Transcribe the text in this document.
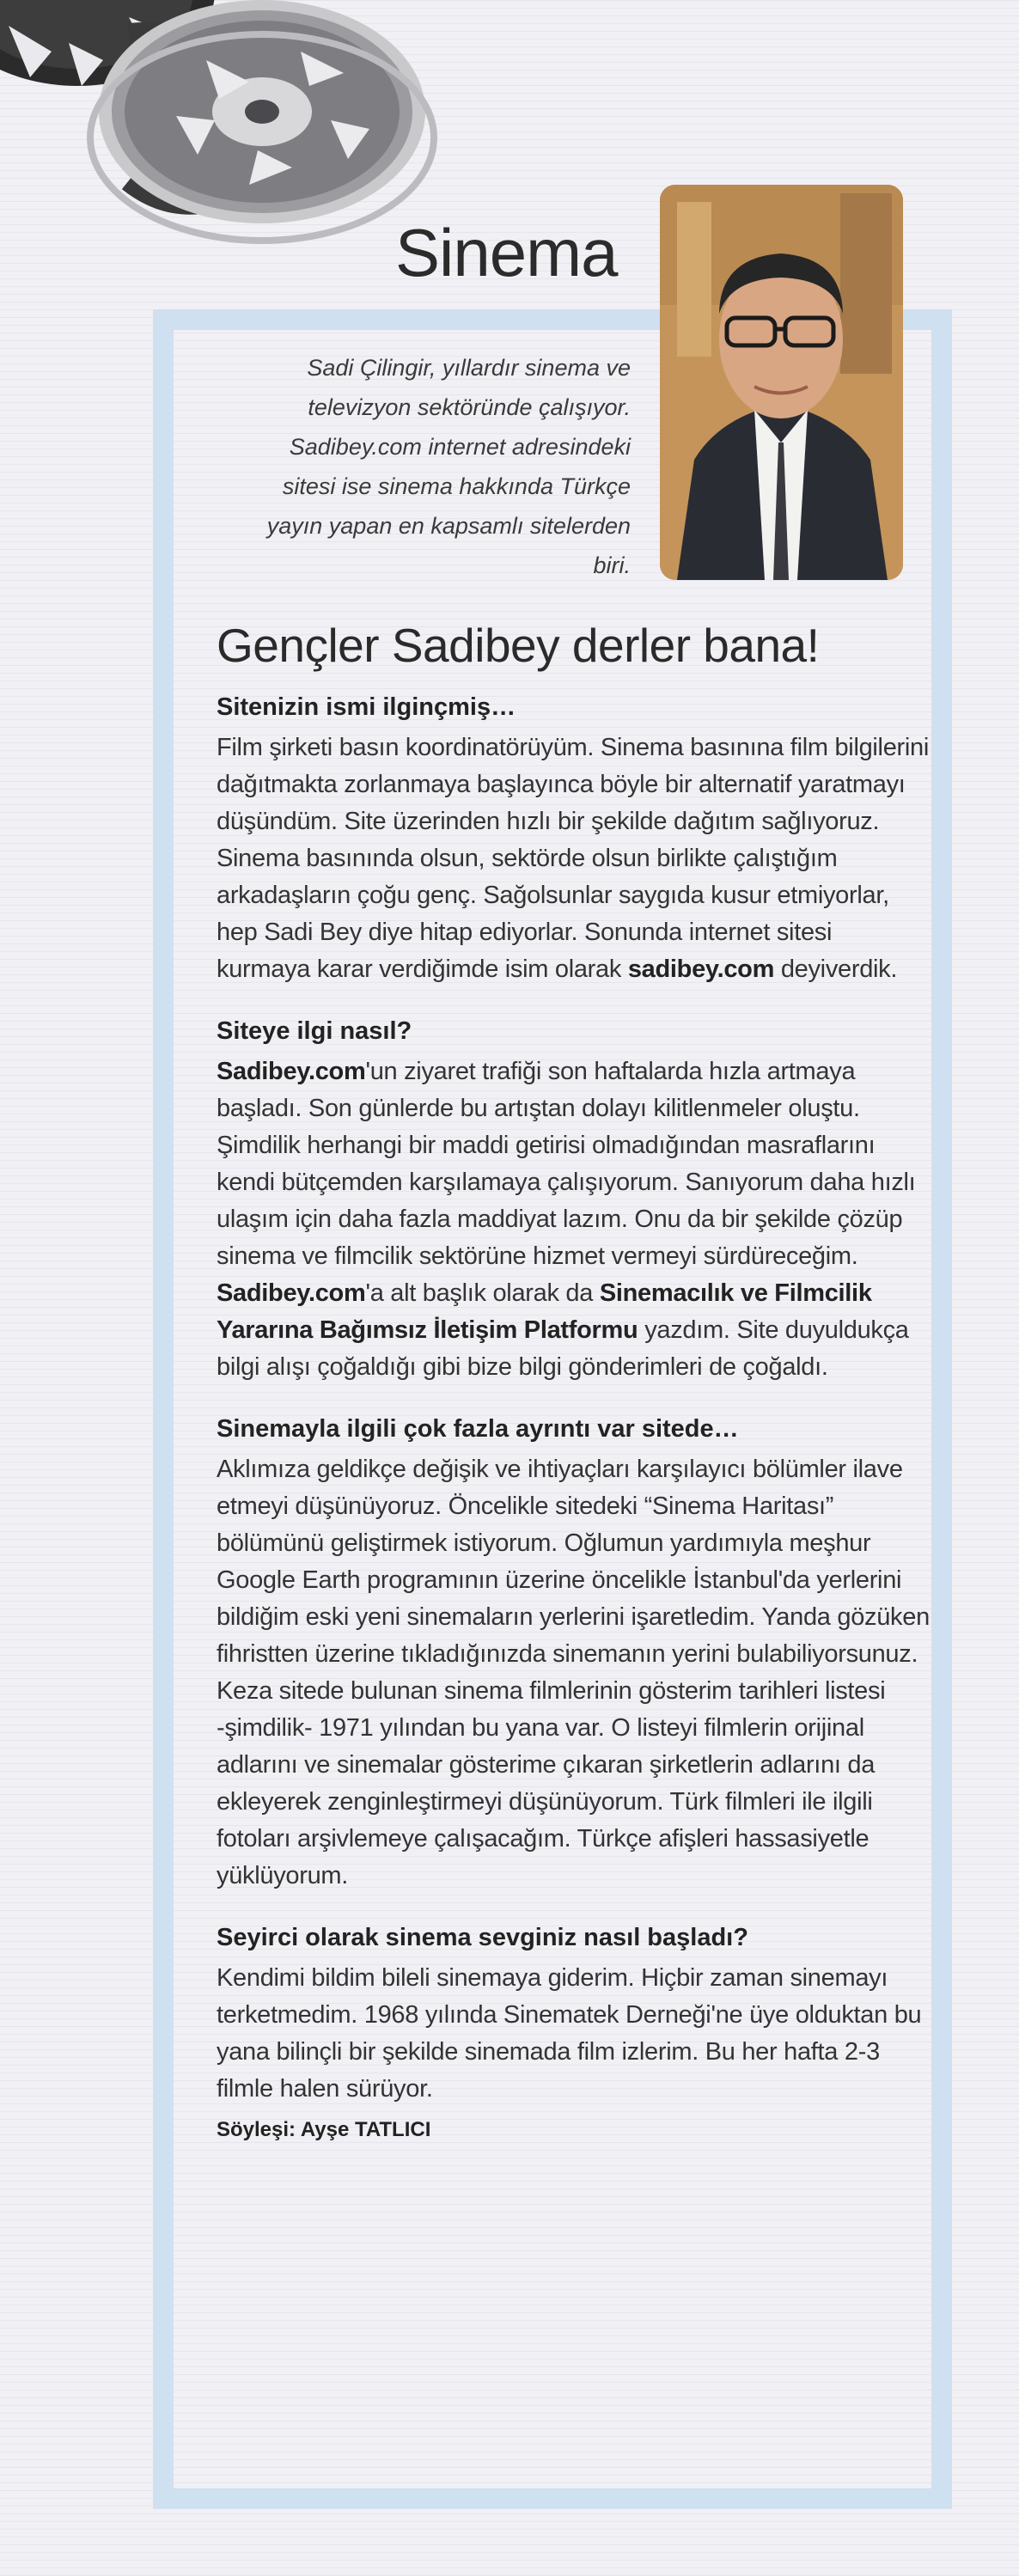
Sinema
Sadi Çilingir, yıllardır sinema ve televizyon sektöründe çalışıyor. Sadibey.com internet adresindeki sitesi ise sinema hakkında Türkçe yayın yapan en kapsamlı sitelerden biri.
Gençler Sadibey derler bana!

Sitenizin ismi ilginçmiş…

Film şirketi basın koordinatörüyüm. Sinema basınına film bilgilerini dağıtmakta zorlanmaya başlayınca böyle bir alternatif yaratmayı düşündüm. Site üzerinden hızlı bir şekilde dağıtım sağlıyoruz. Sinema basınında olsun, sektörde olsun birlikte çalıştığım arkadaşların çoğu genç. Sağolsunlar saygıda kusur etmiyorlar, hep Sadi Bey diye hitap ediyorlar. Sonunda internet sitesi kurmaya karar verdiğimde isim olarak sadibey.com deyiverdik.

Siteye ilgi nasıl?

Sadibey.com'un ziyaret trafiği son haftalarda hızla artmaya başladı. Son günlerde bu artıştan dolayı kilitlenmeler oluştu. Şimdilik herhangi bir maddi getirisi olmadığından masraflarını kendi bütçemden karşılamaya çalışıyorum. Sanıyorum daha hızlı ulaşım için daha fazla maddiyat lazım. Onu da bir şekilde çözüp sinema ve filmcilik sektörüne hizmet vermeyi sürdüreceğim. Sadibey.com'a alt başlık olarak da Sinemacılık ve Filmcilik Yararına Bağımsız İletişim Platformu yazdım. Site duyuldukça bilgi alışı çoğaldığı gibi bize bilgi gönderimleri de çoğaldı.

Sinemayla ilgili çok fazla ayrıntı var sitede…

Aklımıza geldikçe değişik ve ihtiyaçları karşılayıcı bölümler ilave etmeyi düşünüyoruz. Öncelikle sitedeki “Sinema Haritası” bölümünü geliştirmek istiyorum. Oğlumun yardımıyla meşhur Google Earth programının üzerine öncelikle İstanbul'da yerlerini bildiğim eski yeni sinemaların yerlerini işaretledim. Yanda gözüken fihristten üzerine tıkladığınızda sinemanın yerini bulabiliyorsunuz. Keza sitede bulunan sinema filmlerinin gösterim tarihleri listesi -şimdilik- 1971 yılından bu yana var. O listeyi filmlerin orijinal adlarını ve sinemalar gösterime çıkaran şirketlerin adlarını da ekleyerek zenginleştirmeyi düşünüyorum. Türk filmleri ile ilgili fotoları arşivlemeye çalışacağım. Türkçe afişleri hassasiyetle yüklüyorum.

Seyirci olarak sinema sevginiz nasıl başladı?

Kendimi bildim bileli sinemaya giderim. Hiçbir zaman sinemayı terketmedim. 1968 yılında Sinematek Derneği'ne üye olduktan bu yana bilinçli bir şekilde sinemada film izlerim. Bu her hafta 2-3 filmle halen sürüyor.

Söyleşi: Ayşe TATLICI
